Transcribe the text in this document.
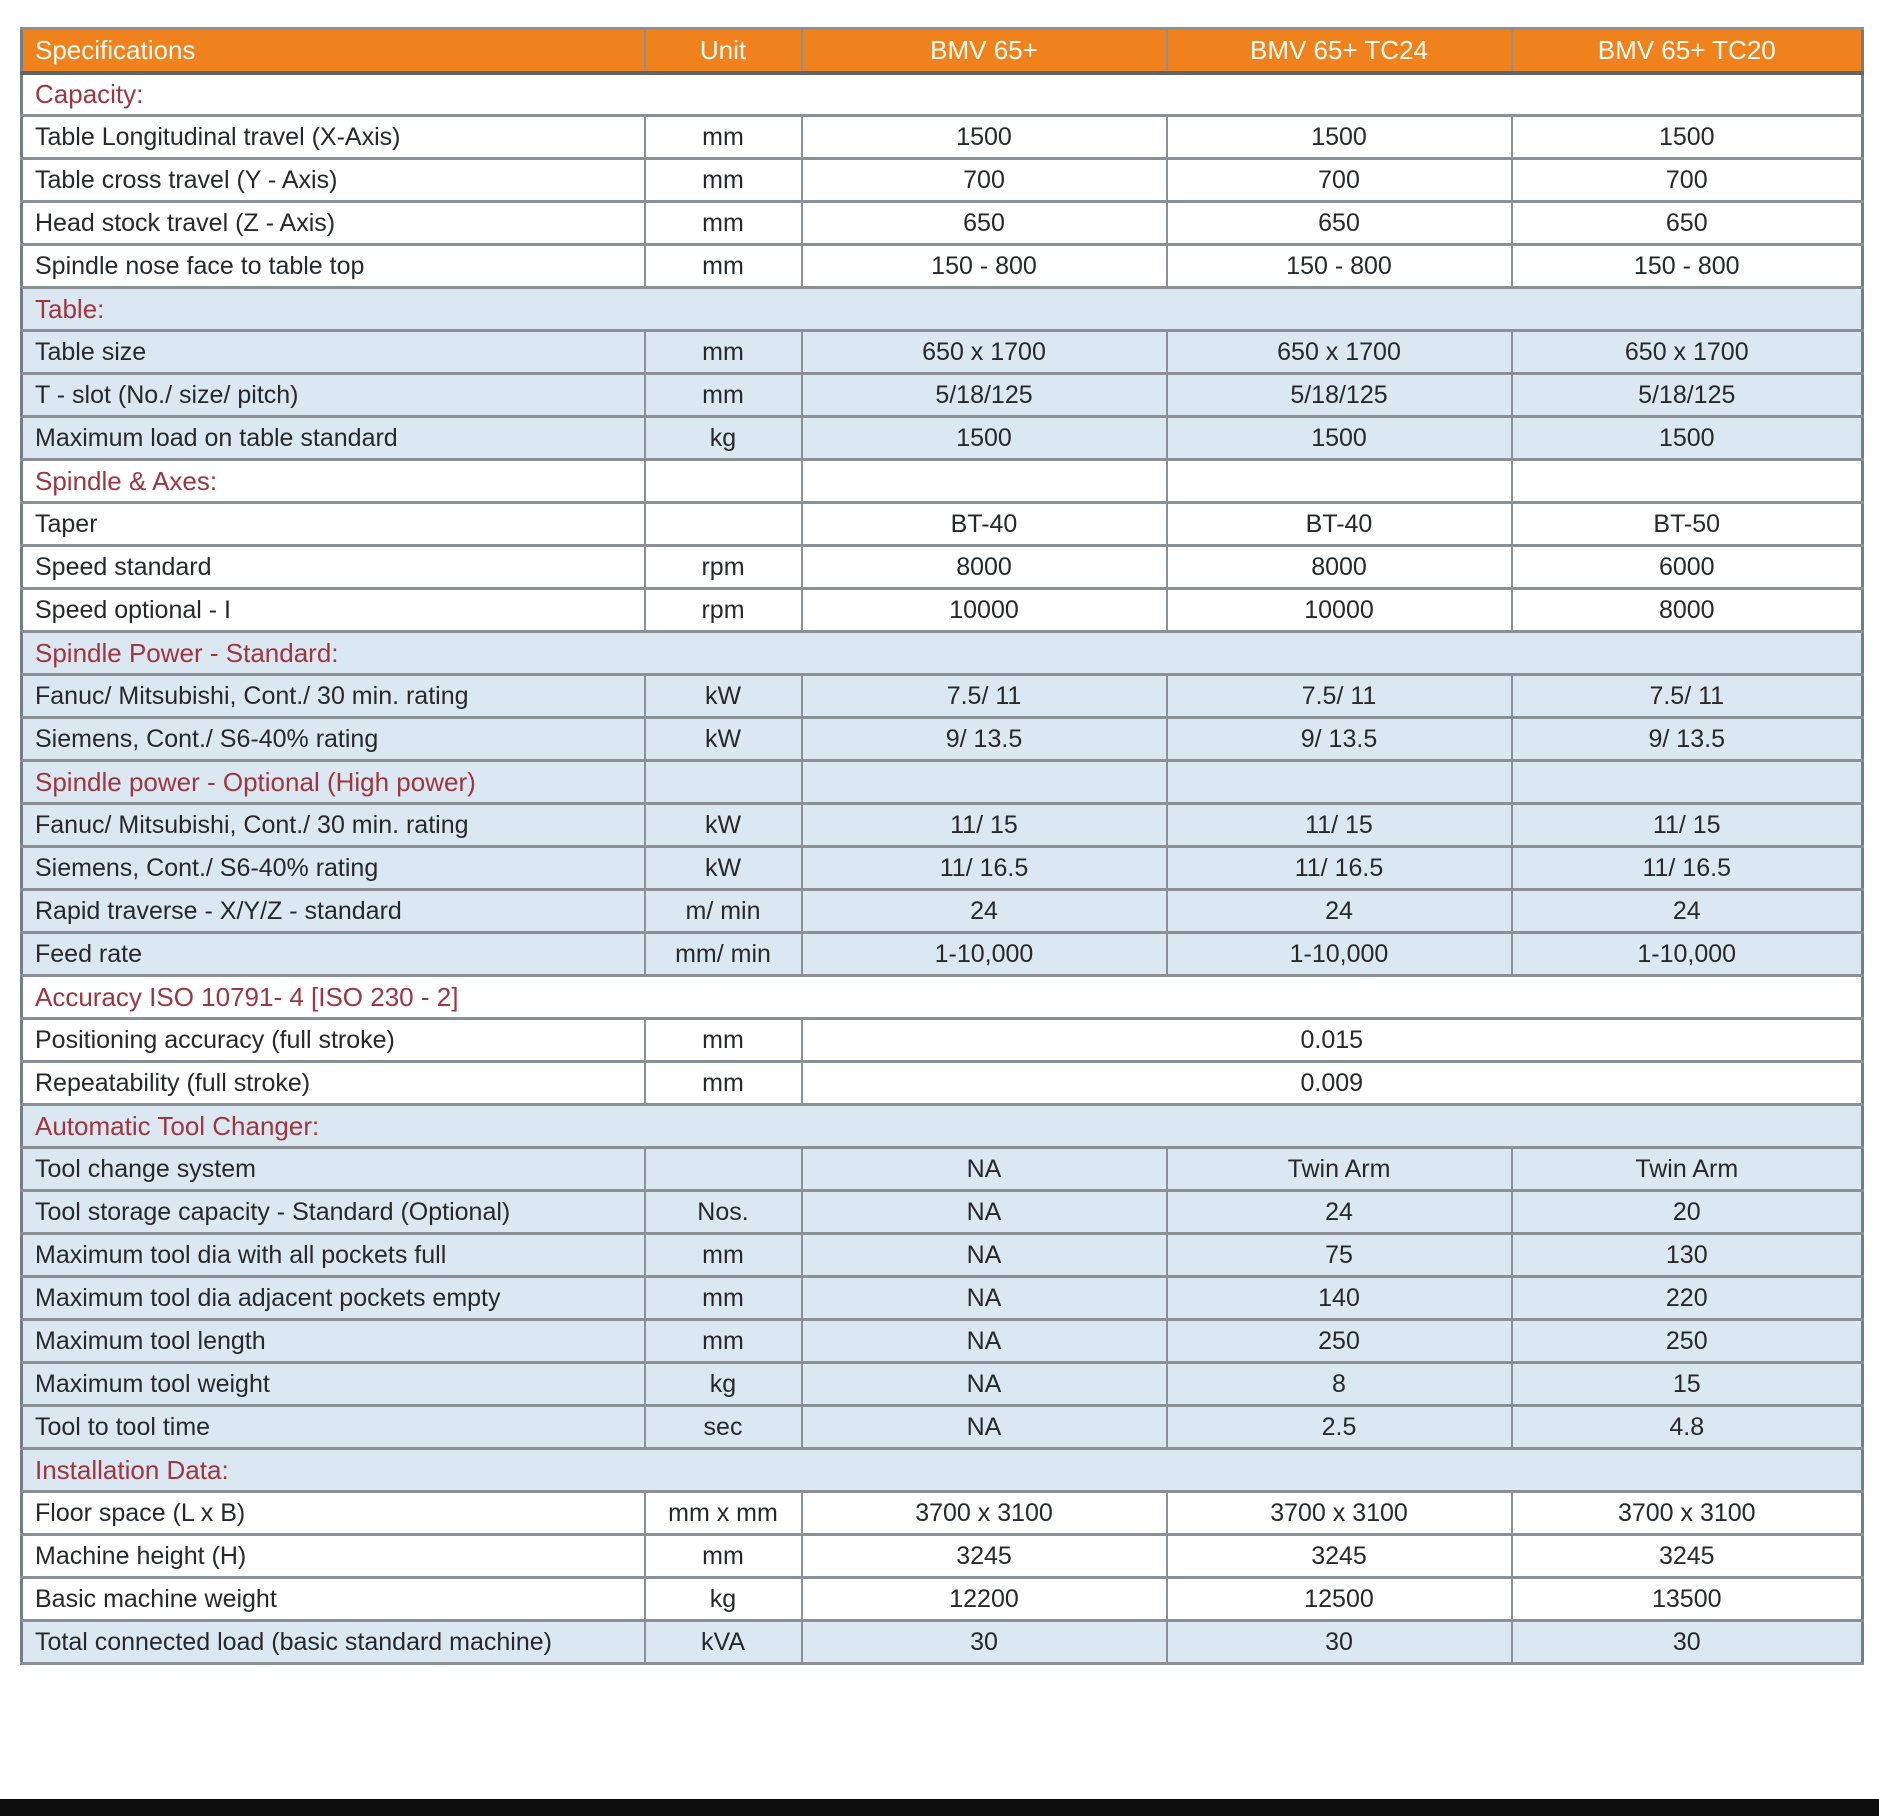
Specifications	Unit	BMV 65+	BMV 65+ TC24	BMV 65+ TC20
Capacity:				
Table Longitudinal travel (X-Axis)	mm	1500	1500	1500
Table cross travel (Y - Axis)	mm	700	700	700
Head stock travel (Z - Axis)	mm	650	650	650
Spindle nose face to table top	mm	150 - 800	150 - 800	150 - 800
Table:				
Table size	mm	650 x 1700	650 x 1700	650 x 1700
T - slot (No./ size/ pitch)	mm	5/18/125	5/18/125	5/18/125
Maximum load on table standard	kg	1500	1500	1500
Spindle & Axes:				
Taper		BT-40	BT-40	BT-50
Speed standard	rpm	8000	8000	6000
Speed optional - I	rpm	10000	10000	8000
Spindle Power - Standard:				
Fanuc/ Mitsubishi, Cont./ 30 min. rating	kW	7.5/ 11	7.5/ 11	7.5/ 11
Siemens, Cont./ S6-40% rating	kW	9/ 13.5	9/ 13.5	9/ 13.5
Spindle power - Optional (High power)				
Fanuc/ Mitsubishi, Cont./ 30 min. rating	kW	11/ 15	11/ 15	11/ 15
Siemens, Cont./ S6-40% rating	kW	11/ 16.5	11/ 16.5	11/ 16.5
Rapid traverse - X/Y/Z - standard	m/ min	24	24	24
Feed rate	mm/ min	1-10,000	1-10,000	1-10,000
Accuracy ISO 10791- 4 [ISO 230 - 2]				
Positioning accuracy (full stroke)	mm	0.015		
Repeatability (full stroke)	mm	0.009		
Automatic Tool Changer:				
Tool change system		NA	Twin Arm	Twin Arm
Tool storage capacity - Standard (Optional)	Nos.	NA	24	20
Maximum tool dia with all pockets full	mm	NA	75	130
Maximum tool dia adjacent pockets empty	mm	NA	140	220
Maximum tool length	mm	NA	250	250
Maximum tool weight	kg	NA	8	15
Tool to tool time	sec	NA	2.5	4.8
Installation Data:				
Floor space (L x B)	mm x mm	3700 x 3100	3700 x 3100	3700 x 3100
Machine height (H)	mm	3245	3245	3245
Basic machine weight	kg	12200	12500	13500
Total connected load (basic standard machine)	kVA	30	30	30
